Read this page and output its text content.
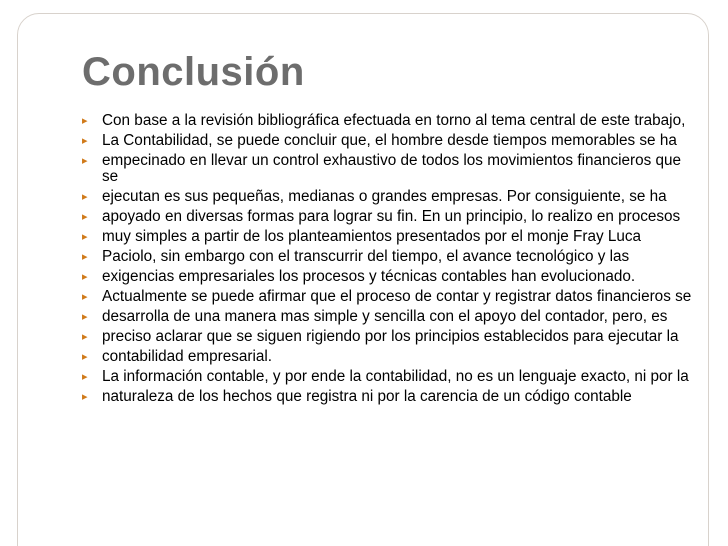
Conclusión
▸ Con base a la revisión bibliográfica efectuada en torno al tema central de este trabajo,
▸ La Contabilidad, se puede concluir que, el hombre desde tiempos memorables se ha
▸ empecinado en llevar un control exhaustivo de todos los movimientos financieros que se
▸ ejecutan es sus pequeñas, medianas o grandes empresas. Por consiguiente, se ha
▸ apoyado en diversas formas para lograr su fin. En un principio, lo realizo en procesos
▸ muy simples a partir de los planteamientos presentados por el monje Fray Luca
▸ Paciolo, sin embargo con el transcurrir del tiempo, el avance tecnológico y las
▸ exigencias empresariales los procesos y técnicas contables han evolucionado.
▸ Actualmente se puede afirmar que el proceso de contar y registrar datos financieros se
▸ desarrolla de una manera mas simple y sencilla con el apoyo del contador, pero, es
▸ preciso aclarar que se siguen rigiendo por los principios establecidos para ejecutar la
▸ contabilidad empresarial.
▸ La información contable, y por ende la contabilidad, no es un lenguaje exacto, ni por la
▸ naturaleza de los hechos que registra ni por la carencia de un código contable
